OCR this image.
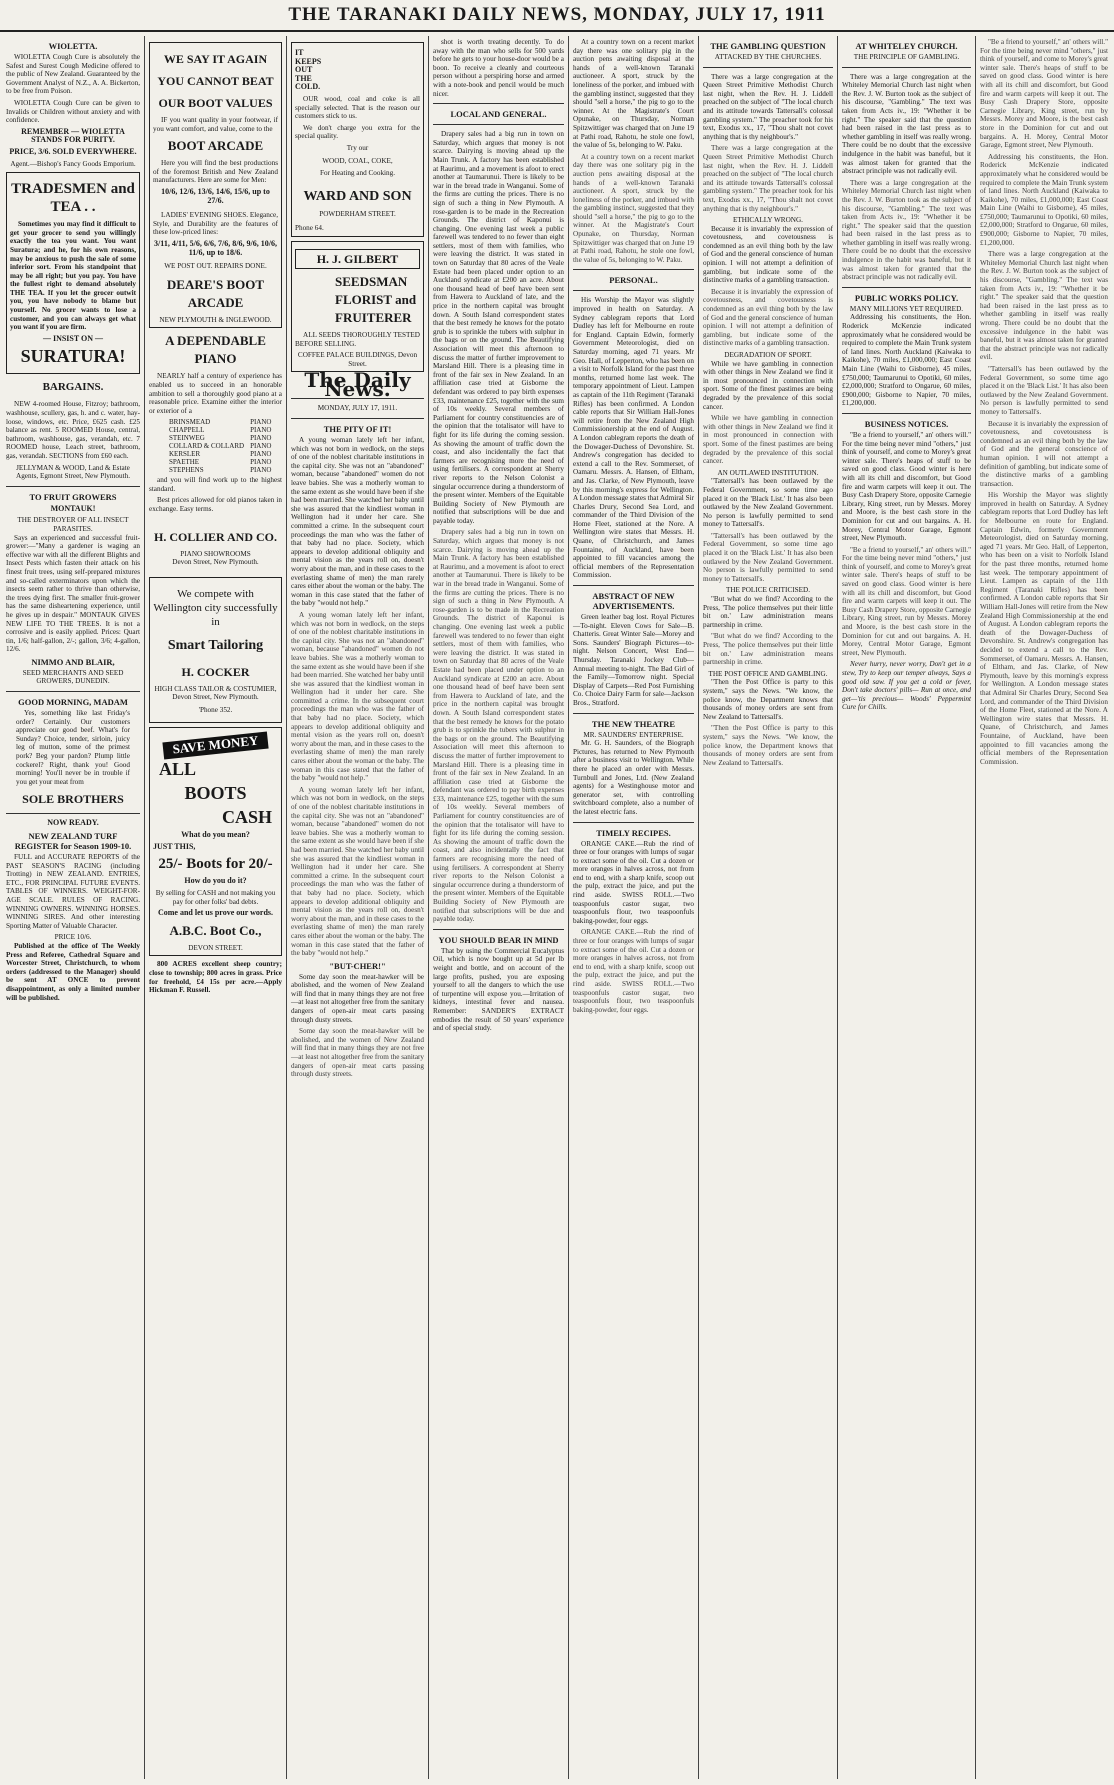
THE TARANAKI DAILY NEWS, MONDAY, JULY 17, 1911
WIOLETTA.

WIOLETTA Cough Cure is absolutely the Safest and Surest Cough Medicine offered to the public of New Zealand. Guaranteed by the Government Analyst of N.Z., A. A. Bickerton, to be free from Poison.

WIOLETTA Cough Cure can be given to Invalids or Children without anxiety and with confidence.

REMEMBER — WIOLETTA STANDS FOR PURITY.
PRICE, 3/6. SOLD EVERYWHERE.
Agent.—Bishop's Fancy Goods Emporium.
TRADESMEN and TEA . .

Sometimes you may find it difficult to get your grocer to send you willingly exactly the tea you want. You want Suratura; and he, for his own reasons, may be anxious to push the sale of some inferior sort. From his standpoint that may be all right; but you pay. You have the fullest right to demand absolutely THE TEA. If you let the grocer outwit you, you have nobody to blame but yourself. No grocer wants to lose a customer, and you can always get what you want if you are firm.

— INSIST ON —
SURATURA!
BARGAINS.

NEW 4-roomed House, Fitzroy; bathroom, washhouse, scullery, gas, h. and c. water, hay-loose, windows, etc. Price, £625 cash. £25 balance as rent. 5 ROOMED House, central, bathroom, washhouse, gas, verandah, etc. 7 ROOMED house, Leach street, bathroom, gas, verandah. SECTIONS from £60 each.

JELLYMAN & WOOD, Land & Estate Agents, Egmont Street, New Plymouth.
TO FRUIT GROWERS
MONTAUK!
THE DESTROYER OF ALL INSECT PARASITES.

Says an experienced and successful fruit-grower:—"Many a gardener is waging an effective war with all the different Blights and Insect Pests which fasten their attack on his finest fruit trees, using self-prepared mixtures and so-called exterminators upon which the insects seem rather to thrive than otherwise, the trees dying first. The smaller fruit-grower has the same disheartening experience, until he gives up in despair." MONTAUK GIVES NEW LIFE TO THE TREES. It is not a corrosive and is easily applied. Prices: Quart tin, 1/6; half-gallon, 2/-; gallon, 3/6; 4-gallon, 12/6.

NIMMO AND BLAIR,
SEED MERCHANTS AND SEED GROWERS, DUNEDIN.
GOOD MORNING, MADAM

Yes, something like last Friday's order? Certainly. Our customers appreciate our good beef. What's for Sunday? Choice, tender, sirloin, juicy leg of mutton, some of the primest pork? Beg your pardon? Plump little cockerel? Right, thank you! Good morning! You'll never be in trouble if you get your meat from

SOLE BROTHERS
NOW READY.
NEW ZEALAND TURF REGISTER for Season 1909-10.

FULL and ACCURATE REPORTS of the PAST SEASON'S RACING (including Trotting) in NEW ZEALAND. ENTRIES, ETC., FOR PRINCIPAL FUTURE EVENTS. TABLES OF WINNERS. WEIGHT-FOR-AGE SCALE. RULES OF RACING. WINNING OWNERS. WINNING HORSES. WINNING SIRES. And other interesting Sporting Matter of Valuable Character.

PRICE 10/6.

Published at the office of The Weekly Press and Referee, Cathedral Square and Worcester Street, Christchurch, to whom orders (addressed to the Manager) should be sent AT ONCE to prevent disappointment, as only a limited number will be published.

WE SAY IT AGAIN
YOU CANNOT BEAT
OUR BOOT VALUES

IF you want quality in your footwear, if you want comfort, and value, come to the

BOOT ARCADE

Here you will find the best productions of the foremost British and New Zealand manufacturers. Here are some for Men:

10/6, 12/6, 13/6, 14/6, 15/6, up to 27/6.

LADIES' EVENING SHOES. Elegance, Style, and Durability are the features of these low-priced lines:

3/11, 4/11, 5/6, 6/6, 7/6, 8/6, 9/6, 10/6, 11/6, up to 18/6.
WE POST OUT. REPAIRS DONE.
DEARE'S BOOT ARCADE
NEW PLYMOUTH & INGLEWOOD.
A DEPENDABLE PIANO

NEARLY half a century of experience has enabled us to succeed in an honorable ambition to sell a thoroughly good piano at a reasonable price. Examine either the interior or exterior of a

BRINSMEAD	PIANO
CHAPPELL	PIANO
STEINWEG	PIANO
COLLARD & COLLARD	PIANO
KERSLER	PIANO
SPAETHE	PIANO
STEPHENS	PIANO

and you will find work up to the highest standard.

Best prices allowed for old pianos taken in exchange. Easy terms.

H. COLLIER AND CO.
PIANO SHOWROOMS
Devon Street, New Plymouth.
We compete with Wellington city successfully in
Smart Tailoring
H. COCKER
HIGH CLASS TAILOR & COSTUMIER, Devon Street, New Plymouth.
'Phone 352.
SAVE MONEY
ALL
BOOTS
CASH
What do you mean?
JUST THIS,
25/- Boots for 20/-
How do you do it?
By selling for CASH and not making you pay for other folks' bad debts.
Come and let us prove our words.
A.B.C. Boot Co.,
DEVON STREET.

800 ACRES excellent sheep country; close to township; 800 acres in grass. Price for freehold, £4 15s per acre.—Apply Hickman F. Russell.

IT KEEPS OUT THE COLD.

OUR wood, coal and coke is all specially selected. That is the reason our customers stick to us.

We don't charge you extra for the special quality.

Try our
WOOD, COAL, COKE,
For Heating and Cooking.
WARD AND SON
POWDERHAM STREET.
Phone 64.
H. J. GILBERT
SEEDSMAN FLORIST and FRUITERER

ALL SEEDS THOROUGHLY TESTED BEFORE SELLING.

COFFEE PALACE BUILDINGS, Devon Street.
The Daily News.
MONDAY, JULY 17, 1911.
THE PITY OF IT!

A young woman lately left her infant, which was not born in wedlock, on the steps of one of the noblest charitable institutions in the capital city. She was not an "abandoned" woman, because "abandoned" women do not leave babies. She was a motherly woman to the same extent as she would have been if she had been married. She watched her baby until she was assured that the kindliest woman in Wellington had it under her care. She committed a crime. In the subsequent court proceedings the man who was the father of that baby had no place. Society, which appears to develop additional obliquity and mental vision as the years roll on, doesn't worry about the man, and in these cases to the everlasting shame of men) the man rarely cares either about the woman or the baby. The woman in this case stated that the father of the baby "would not help."

A young woman lately left her infant, which was not born in wedlock, on the steps of one of the noblest charitable institutions in the capital city. She was not an "abandoned" woman, because "abandoned" women do not leave babies. She was a motherly woman to the same extent as she would have been if she had been married. She watched her baby until she was assured that the kindliest woman in Wellington had it under her care. She committed a crime. In the subsequent court proceedings the man who was the father of that baby had no place. Society, which appears to develop additional obliquity and mental vision as the years roll on, doesn't worry about the man, and in these cases to the everlasting shame of men) the man rarely cares either about the woman or the baby. The woman in this case stated that the father of the baby "would not help."

A young woman lately left her infant, which was not born in wedlock, on the steps of one of the noblest charitable institutions in the capital city. She was not an "abandoned" woman, because "abandoned" women do not leave babies. She was a motherly woman to the same extent as she would have been if she had been married. She watched her baby until she was assured that the kindliest woman in Wellington had it under her care. She committed a crime. In the subsequent court proceedings the man who was the father of that baby had no place. Society, which appears to develop additional obliquity and mental vision as the years roll on, doesn't worry about the man, and in these cases to the everlasting shame of men) the man rarely cares either about the woman or the baby. The woman in this case stated that the father of the baby "would not help."

"BUT-CHER!"

Some day soon the meat-hawker will be abolished, and the women of New Zealand will find that in many things they are not free—at least not altogether free from the sanitary dangers of open-air meat carts passing through dusty streets.

Some day soon the meat-hawker will be abolished, and the women of New Zealand will find that in many things they are not free—at least not altogether free from the sanitary dangers of open-air meat carts passing through dusty streets.

shot is worth treating decently. To do away with the man who sells for 500 yards before he gets to your house-door would be a boon. To receive a cleanly and courteous person without a perspiring horse and armed with a note-book and pencil would be much nicer.

LOCAL AND GENERAL.

Drapery sales had a big run in town on Saturday, which argues that money is not scarce. Dairying is moving ahead up the Main Trunk. A factory has been established at Raurimu, and a movement is afoot to erect another at Taumarunui. There is likely to be war in the bread trade in Wanganui. Some of the firms are cutting the prices. There is no sign of such a thing in New Plymouth. A rose-garden is to be made in the Recreation Grounds. The district of Kaponui is changing. One evening last week a public farewell was tendered to no fewer than eight settlers, most of them with families, who were leaving the district. It was stated in town on Saturday that 80 acres of the Veale Estate had been placed under option to an Auckland syndicate at £200 an acre. About one thousand head of beef have been sent from Hawera to Auckland of late, and the price in the northern capital was brought down. A South Island correspondent states that the best remedy he knows for the potato grub is to sprinkle the tubers with sulphur in the bags or on the ground. The Beautifying Association will meet this afternoon to discuss the matter of further improvement to Marsland Hill. There is a pleasing time in front of the fair sex in New Zealand. In an affiliation case tried at Gisborne the defendant was ordered to pay birth expenses £33, maintenance £25, together with the sum of 10s weekly. Several members of Parliament for country constituencies are of the opinion that the totalisator will have to fight for its life during the coming session. As showing the amount of traffic down the coast, and also incidentally the fact that farmers are recognising more the need of using fertilisers. A correspondent at Sherry river reports to the Nelson Colonist a singular occurrence during a thunderstorm of the present winter. Members of the Equitable Building Society of New Plymouth are notified that subscriptions will be due and payable today.

Drapery sales had a big run in town on Saturday, which argues that money is not scarce. Dairying is moving ahead up the Main Trunk. A factory has been established at Raurimu, and a movement is afoot to erect another at Taumarunui. There is likely to be war in the bread trade in Wanganui. Some of the firms are cutting the prices. There is no sign of such a thing in New Plymouth. A rose-garden is to be made in the Recreation Grounds. The district of Kaponui is changing. One evening last week a public farewell was tendered to no fewer than eight settlers, most of them with families, who were leaving the district. It was stated in town on Saturday that 80 acres of the Veale Estate had been placed under option to an Auckland syndicate at £200 an acre. About one thousand head of beef have been sent from Hawera to Auckland of late, and the price in the northern capital was brought down. A South Island correspondent states that the best remedy he knows for the potato grub is to sprinkle the tubers with sulphur in the bags or on the ground. The Beautifying Association will meet this afternoon to discuss the matter of further improvement to Marsland Hill. There is a pleasing time in front of the fair sex in New Zealand. In an affiliation case tried at Gisborne the defendant was ordered to pay birth expenses £33, maintenance £25, together with the sum of 10s weekly. Several members of Parliament for country constituencies are of the opinion that the totalisator will have to fight for its life during the coming session. As showing the amount of traffic down the coast, and also incidentally the fact that farmers are recognising more the need of using fertilisers. A correspondent at Sherry river reports to the Nelson Colonist a singular occurrence during a thunderstorm of the present winter. Members of the Equitable Building Society of New Plymouth are notified that subscriptions will be due and payable today.

YOU SHOULD BEAR IN MIND

That by using the Commercial Eucalyptus Oil, which is now bought up at 5d per lb weight and bottle, and on account of the large profits, pushed, you are exposing yourself to all the dangers to which the use of turpentine will expose you.—Irritation of kidneys, intestinal fever and nausea. Remember: SANDER'S EXTRACT embodies the result of 50 years' experience and of special study.

At a country town on a recent market day there was one solitary pig in the auction pens awaiting disposal at the hands of a well-known Taranaki auctioneer. A sport, struck by the loneliness of the porker, and imbued with the gambling instinct, suggested that they should "sell a horse," the pig to go to the winner. At the Magistrate's Court Opunake, on Thursday, Norman Spitzwittiger was charged that on June 19 at Pathi road, Rahotu, he stole one fowl, the value of 5s, belonging to W. Paku.

At a country town on a recent market day there was one solitary pig in the auction pens awaiting disposal at the hands of a well-known Taranaki auctioneer. A sport, struck by the loneliness of the porker, and imbued with the gambling instinct, suggested that they should "sell a horse," the pig to go to the winner. At the Magistrate's Court Opunake, on Thursday, Norman Spitzwittiger was charged that on June 19 at Pathi road, Rahotu, he stole one fowl, the value of 5s, belonging to W. Paku.

PERSONAL.

His Worship the Mayor was slightly improved in health on Saturday. A Sydney cablegram reports that Lord Dudley has left for Melbourne en route for England. Captain Edwin, formerly Government Meteorologist, died on Saturday morning, aged 71 years. Mr Geo. Hall, of Lepperton, who has been on a visit to Norfolk Island for the past three months, returned home last week. The temporary appointment of Lieut. Lampen as captain of the 11th Regiment (Taranaki Rifles) has been confirmed. A London cable reports that Sir William Hall-Jones will retire from the New Zealand High Commissionership at the end of August. A London cablegram reports the death of the Dowager-Duchess of Devonshire. St. Andrew's congregation has decided to extend a call to the Rev. Sommerset, of Oamaru. Messrs. A. Hansen, of Eltham, and Jas. Clarke, of New Plymouth, leave by this morning's express for Wellington. A London message states that Admiral Sir Charles Drury, Second Sea Lord, and commander of the Third Division of the Home Fleet, stationed at the Nore. A Wellington wire states that Messrs. H. Quane, of Christchurch, and James Fountaine, of Auckland, have been appointed to fill vacancies among the official members of the Representation Commission.

ABSTRACT OF NEW ADVERTISEMENTS.

Green leather bag lost. Royal Pictures—To-night. Eleven Cows for Sale—B. Chatteris. Great Winter Sale—Morey and Sons. Saunders' Biograph Pictures—to-night. Nelson Concert, West End—Thursday. Taranaki Jockey Club—Annual meeting to-night. The Bad Girl of the Family—Tomorrow night. Special Display of Carpets—Red Post Furnishing Co. Choice Dairy Farm for sale—Jackson Bros., Stratford.

THE NEW THEATRE
MR. SAUNDERS' ENTERPRISE.

Mr. G. H. Saunders, of the Biograph Pictures, has returned to New Plymouth after a business visit to Wellington. While there he placed an order with Messrs. Turnbull and Jones, Ltd. (New Zealand agents) for a Westinghouse motor and generator set, with controlling switchboard complete, also a number of the latest electric fans.

TIMELY RECIPES.

ORANGE CAKE.—Rub the rind of three or four oranges with lumps of sugar to extract some of the oil. Cut a dozen or more oranges in halves across, not from end to end, with a sharp knife, scoop out the pulp, extract the juice, and put the rind aside. SWISS ROLL.—Two teaspoonfuls castor sugar, two teaspoonfuls flour, two teaspoonfuls baking-powder, four eggs.

ORANGE CAKE.—Rub the rind of three or four oranges with lumps of sugar to extract some of the oil. Cut a dozen or more oranges in halves across, not from end to end, with a sharp knife, scoop out the pulp, extract the juice, and put the rind aside. SWISS ROLL.—Two teaspoonfuls castor sugar, two teaspoonfuls flour, two teaspoonfuls baking-powder, four eggs.

THE GAMBLING QUESTION
ATTACKED BY THE CHURCHES.

There was a large congregation at the Queen Street Primitive Methodist Church last night, when the Rev. H. J. Liddell preached on the subject of "The local church and its attitude towards Tattersall's colossal gambling system." The preacher took for his text, Exodus xx., 17, "Thou shalt not covet anything that is thy neighbour's."

There was a large congregation at the Queen Street Primitive Methodist Church last night, when the Rev. H. J. Liddell preached on the subject of "The local church and its attitude towards Tattersall's colossal gambling system." The preacher took for his text, Exodus xx., 17, "Thou shalt not covet anything that is thy neighbour's."

ETHICALLY WRONG.

Because it is invariably the expression of covetousness, and covetousness is condemned as an evil thing both by the law of God and the general conscience of human opinion. I will not attempt a definition of gambling, but indicate some of the distinctive marks of a gambling transaction.

Because it is invariably the expression of covetousness, and covetousness is condemned as an evil thing both by the law of God and the general conscience of human opinion. I will not attempt a definition of gambling, but indicate some of the distinctive marks of a gambling transaction.

DEGRADATION OF SPORT.

While we have gambling in connection with other things in New Zealand we find it in most pronounced in connection with sport. Some of the finest pastimes are being degraded by the prevalence of this social cancer.

While we have gambling in connection with other things in New Zealand we find it in most pronounced in connection with sport. Some of the finest pastimes are being degraded by the prevalence of this social cancer.

AN OUTLAWED INSTITUTION.

"Tattersall's has been outlawed by the Federal Government, so some time ago placed it on the 'Black List.' It has also been outlawed by the New Zealand Government. No person is lawfully permitted to send money to Tattersall's.

"Tattersall's has been outlawed by the Federal Government, so some time ago placed it on the 'Black List.' It has also been outlawed by the New Zealand Government. No person is lawfully permitted to send money to Tattersall's.

THE POLICE CRITICISED.

"But what do we find? According to the Press, 'The police themselves put their little bit on.' Law administration means partnership in crime.

"But what do we find? According to the Press, 'The police themselves put their little bit on.' Law administration means partnership in crime.

THE POST OFFICE AND GAMBLING.

"Then the Post Office is party to this system," says the News. "We know, the police know, the Department knows that thousands of money orders are sent from New Zealand to Tattersall's.

"Then the Post Office is party to this system," says the News. "We know, the police know, the Department knows that thousands of money orders are sent from New Zealand to Tattersall's.

AT WHITELEY CHURCH.
THE PRINCIPLE OF GAMBLING.

There was a large congregation at the Whiteley Memorial Church last night when the Rev. J. W. Burton took as the subject of his discourse, "Gambling." The text was taken from Acts iv., 19: "Whether it be right." The speaker said that the question had been raised in the last press as to whether gambling in itself was really wrong. There could be no doubt that the excessive indulgence in the habit was baneful, but it was almost taken for granted that the abstract principle was not radically evil.

There was a large congregation at the Whiteley Memorial Church last night when the Rev. J. W. Burton took as the subject of his discourse, "Gambling." The text was taken from Acts iv., 19: "Whether it be right." The speaker said that the question had been raised in the last press as to whether gambling in itself was really wrong. There could be no doubt that the excessive indulgence in the habit was baneful, but it was almost taken for granted that the abstract principle was not radically evil.

PUBLIC WORKS POLICY.
MANY MILLIONS YET REQUIRED.

Addressing his constituents, the Hon. Roderick McKenzie indicated approximately what he considered would be required to complete the Main Trunk system of land lines. North Auckland (Kaiwaka to Kaikohe), 70 miles, £1,000,000; East Coast Main Line (Waihi to Gisborne), 45 miles, £750,000; Taumarunui to Opotiki, 60 miles, £2,000,000; Stratford to Ongarue, 60 miles, £900,000; Gisborne to Napier, 70 miles, £1,200,000.

BUSINESS NOTICES.

"Be a friend to yourself," an' others will." For the time being never mind "others," just think of yourself, and come to Morey's great winter sale. There's heaps of stuff to be saved on good class. Good winter is here with all its chill and discomfort, but Good fire and warm carpets will keep it out. The Busy Cash Drapery Store, opposite Carnegie Library, King street, run by Messrs. Morey and Moore, is the best cash store in the Dominion for cut and out bargains. A. H. Morey, Central Motor Garage, Egmont street, New Plymouth.

"Be a friend to yourself," an' others will." For the time being never mind "others," just think of yourself, and come to Morey's great winter sale. There's heaps of stuff to be saved on good class. Good winter is here with all its chill and discomfort, but Good fire and warm carpets will keep it out. The Busy Cash Drapery Store, opposite Carnegie Library, King street, run by Messrs. Morey and Moore, is the best cash store in the Dominion for cut and out bargains. A. H. Morey, Central Motor Garage, Egmont street, New Plymouth.

Never hurry, never worry, Don't get in a stew, Try to keep our temper always, Says a good old saw. If you get a cold or fever, Don't take doctors' pills— Run at once, and get—'tis precious— Woods' Peppermint Cure for Chills.

"Be a friend to yourself," an' others will." For the time being never mind "others," just think of yourself, and come to Morey's great winter sale. There's heaps of stuff to be saved on good class. Good winter is here with all its chill and discomfort, but Good fire and warm carpets will keep it out. The Busy Cash Drapery Store, opposite Carnegie Library, King street, run by Messrs. Morey and Moore, is the best cash store in the Dominion for cut and out bargains. A. H. Morey, Central Motor Garage, Egmont street, New Plymouth.

Addressing his constituents, the Hon. Roderick McKenzie indicated approximately what he considered would be required to complete the Main Trunk system of land lines. North Auckland (Kaiwaka to Kaikohe), 70 miles, £1,000,000; East Coast Main Line (Waihi to Gisborne), 45 miles, £750,000; Taumarunui to Opotiki, 60 miles, £2,000,000; Stratford to Ongarue, 60 miles, £900,000; Gisborne to Napier, 70 miles, £1,200,000.

There was a large congregation at the Whiteley Memorial Church last night when the Rev. J. W. Burton took as the subject of his discourse, "Gambling." The text was taken from Acts iv., 19: "Whether it be right." The speaker said that the question had been raised in the last press as to whether gambling in itself was really wrong. There could be no doubt that the excessive indulgence in the habit was baneful, but it was almost taken for granted that the abstract principle was not radically evil.

"Tattersall's has been outlawed by the Federal Government, so some time ago placed it on the 'Black List.' It has also been outlawed by the New Zealand Government. No person is lawfully permitted to send money to Tattersall's.

Because it is invariably the expression of covetousness, and covetousness is condemned as an evil thing both by the law of God and the general conscience of human opinion. I will not attempt a definition of gambling, but indicate some of the distinctive marks of a gambling transaction.

His Worship the Mayor was slightly improved in health on Saturday. A Sydney cablegram reports that Lord Dudley has left for Melbourne en route for England. Captain Edwin, formerly Government Meteorologist, died on Saturday morning, aged 71 years. Mr Geo. Hall, of Lepperton, who has been on a visit to Norfolk Island for the past three months, returned home last week. The temporary appointment of Lieut. Lampen as captain of the 11th Regiment (Taranaki Rifles) has been confirmed. A London cable reports that Sir William Hall-Jones will retire from the New Zealand High Commissionership at the end of August. A London cablegram reports the death of the Dowager-Duchess of Devonshire. St. Andrew's congregation has decided to extend a call to the Rev. Sommerset, of Oamaru. Messrs. A. Hansen, of Eltham, and Jas. Clarke, of New Plymouth, leave by this morning's express for Wellington. A London message states that Admiral Sir Charles Drury, Second Sea Lord, and commander of the Third Division of the Home Fleet, stationed at the Nore. A Wellington wire states that Messrs. H. Quane, of Christchurch, and James Fountaine, of Auckland, have been appointed to fill vacancies among the official members of the Representation Commission.
